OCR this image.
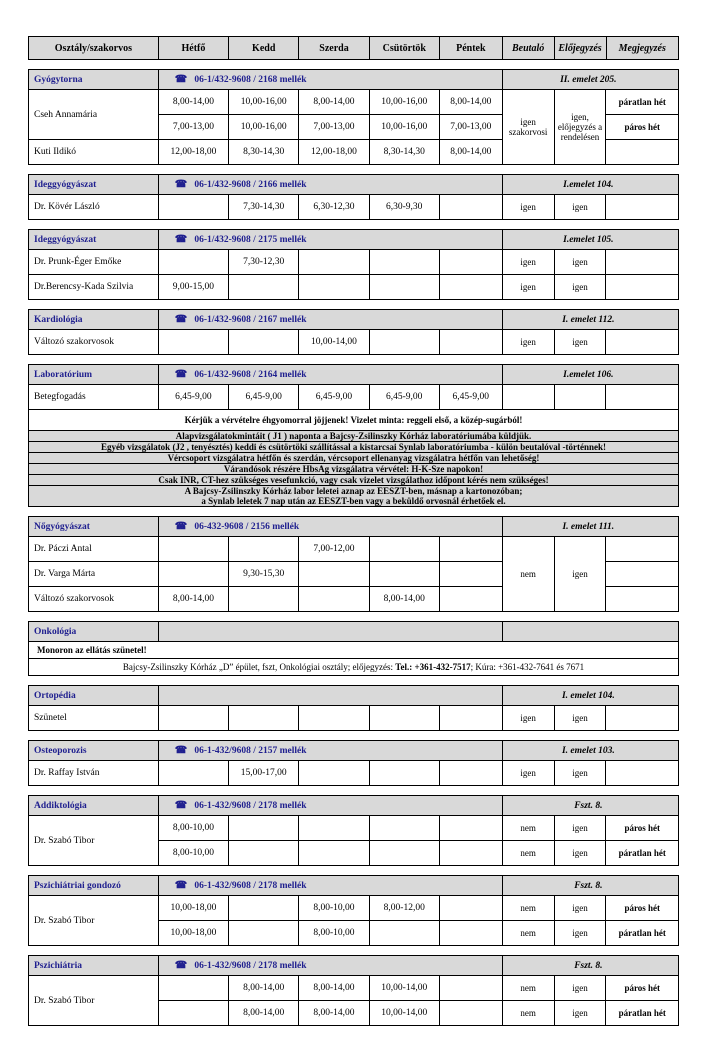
Osztály/szakorvos	Hétfő	Kedd	Szerda	Csütörtök	Péntek	Beutaló	Előjegyzés	Megjegyzés
Gyógytorna	☎ 06-1/432-9608 / 2168 mellék					II. emelet 205.		
Cseh Annamária	8,00-14,00	10,00-16,00	8,00-14,00	10,00-16,00	8,00-14,00	igen szakorvosi	igen, előjegyzés a rendelésen	páratlan hét
	7,00-13,00	10,00-16,00	7,00-13,00	10,00-16,00	7,00-13,00			páros hét
Kuti Ildikó	12,00-18,00	8,30-14,30	12,00-18,00	8,30-14,30	8,00-14,00			
Ideggyógyászat	☎ 06-1/432-9608 / 2166 mellék					I.emelet 104.		
Dr. Kövér László		7,30-14,30	6,30-12,30	6,30-9,30		igen	igen	
Ideggyógyászat	☎ 06-1/432-9608 / 2175 mellék					I.emelet 105.		
Dr. Prunk-Éger Emőke		7,30-12,30				igen	igen	
Dr.Berencsy-Kada Szilvia	9,00-15,00					igen	igen	
Kardiológia	☎ 06-1/432-9608 / 2167 mellék					I. emelet 112.		
Változó szakorvosok			10,00-14,00			igen	igen	
Laboratórium	☎ 06-1/432-9608 / 2164 mellék					I.emelet 106.		
Betegfogadás	6,45-9,00	6,45-9,00	6,45-9,00	6,45-9,00	6,45-9,00			
Kérjük a vérvételre éhgyomorral jöjjenek! Vizelet minta: reggeli első, a közép-sugárból!								
Alapvizsgálatokmintáit ( J1 ) naponta a Bajcsy-Zsilinszky Kórház laboratóriumába küldjük.								
Egyéb vizsgálatok (J2 , tenyésztés) keddi és csütörtöki szállítással a kistarcsai Synlab laboratóriumba - külön beutalóval -történnek!								
Vércsoport vizsgálatra hétfőn és szerdán, vércsoport ellenanyag vizsgálatra hétfőn van lehetőség!								
Várandósok részére HbsAg vizsgálatra vérvétel: H-K-Sze napokon!								
Csak INR, CT-hez szükséges vesefunkció, vagy csak vizelet vizsgálathoz időpont kérés nem szükséges!								
A Bajcsy-Zsilinszky Kórház labor leletei aznap az EESZT-ben, másnap a kartonozóban;
a Synlab leletek 7 nap után az EESZT-ben vagy a beküldő orvosnál érhetőek el.								
Nőgyógyászat	☎ 06-432-9608 / 2156 mellék					I. emelet 111.		
Dr. Páczi Antal			7,00-12,00			nem	igen	
Dr. Varga Márta		9,30-15,30						
Változó szakorvosok	8,00-14,00			8,00-14,00				
Onkológia		
Monoron az ellátás szünetel!
Bajcsy-Zsilinszky Kórház „D” épület, fszt, Onkológiai osztály; előjegyzés: Tel.: +361-432-7517; Kúra: +361-432-7641 és 7671
Ortopédia						I. emelet 104.		
Szünetel						igen	igen	
Osteoporozis	☎ 06-1-432/9608 / 2157 mellék					I. emelet 103.		
Dr. Raffay István		15,00-17,00				igen	igen	
Addiktológia	☎ 06-1-432/9608 / 2178 mellék					Fszt. 8.		
Dr. Szabó Tibor	8,00-10,00					nem	igen	páros hét
	8,00-10,00					nem	igen	páratlan hét
Pszichiátriai gondozó	☎ 06-1-432/9608 / 2178 mellék					Fszt. 8.		
Dr. Szabó Tibor	10,00-18,00		8,00-10,00	8,00-12,00		nem	igen	páros hét
	10,00-18,00		8,00-10,00			nem	igen	páratlan hét
Pszichiátria	☎ 06-1-432/9608 / 2178 mellék					Fszt. 8.		
Dr. Szabó Tibor		8,00-14,00	8,00-14,00	10,00-14,00		nem	igen	páros hét
		8,00-14,00	8,00-14,00	10,00-14,00		nem	igen	páratlan hét
